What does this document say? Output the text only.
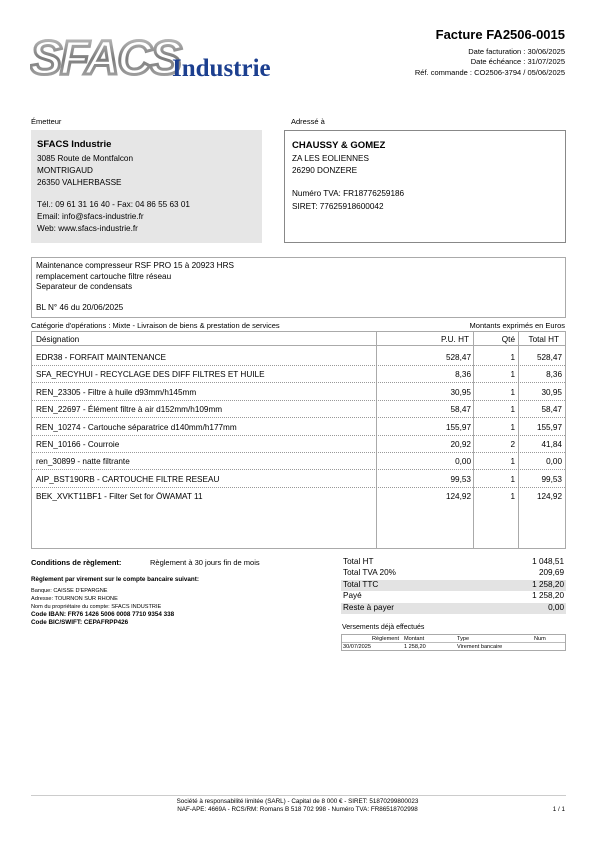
SFACS
Industrie
Facture FA2506-0015
Date facturation : 30/06/2025
Date échéance : 31/07/2025
Réf. commande : CO2506-3794 / 05/06/2025
Émetteur
SFACS Industrie
3085 Route de Montfalcon
MONTRIGAUD
26350 VALHERBASSE
Tél.: 09 61 31 16 40 - Fax: 04 86 55 63 01
Email: info@sfacs-industrie.fr
Web: www.sfacs-industrie.fr
Adressé à
CHAUSSY & GOMEZ
ZA LES EOLIENNES
26290 DONZERE
Numéro TVA: FR18776259186
SIRET: 77625918600042
Maintenance compresseur RSF PRO 15 à 20923 HRS
remplacement cartouche filtre réseau
Separateur de condensats
BL N° 46 du 20/06/2025
Catégorie d'opérations : Mixte - Livraison de biens & prestation de services	Montants exprimés en Euros
Désignation	P.U. HT	Qté Total HT
EDR38 - FORFAIT MAINTENANCE	528,47	1	528,47
SFA_RECYHUI - RECYCLAGE DES DIFF FILTRES ET HUILE	8,36	1	8,36
REN_23305 - Filtre à huile d93mm/h145mm	30,95	1	30,95
REN_22697 - Élément filtre à air d152mm/h109mm	58,47	1	58,47
REN_10274 - Cartouche séparatrice d140mm/h177mm	155,97	1	155,97
REN_10166 - Courroie	20,92	2	41,84
ren_30899 - natte filtrante	0,00	1	0,00
AIP_BST190RB - CARTOUCHE FILTRE RESEAU	99,53	1	99,53
BEK_XVKT11BF1 - Filter Set for ÖWAMAT 11	124,92	1	124,92
Conditions de règlement:	Règlement à 30 jours fin de mois
Règlement par virement sur le compte bancaire suivant:
Banque: CAISSE D'EPARGNE
Adresse: TOURNON SUR RHONE
Nom du propriétaire du compte: SFACS INDUSTRIE
Code IBAN: FR76 1426 5006 0008 7710 9354 338
Code BIC/SWIFT: CEPAFRPP426
Total HT	1 048,51
Total TVA 20%	209,69
Total TTC	1 258,20
Payé	1 258,20
Reste à payer	0,00
Versements déjà effectués
Règlement Montant	Type	Num
30/07/2025	1 258,20	Virement bancaire
Société à responsabilité limitée (SARL) - Capital de 8 000 € - SIRET: 51870299800023
NAF-APE: 4669A - RCS/RM: Romans B 518 702 998 - Numéro TVA: FR86518702998	1 / 1
